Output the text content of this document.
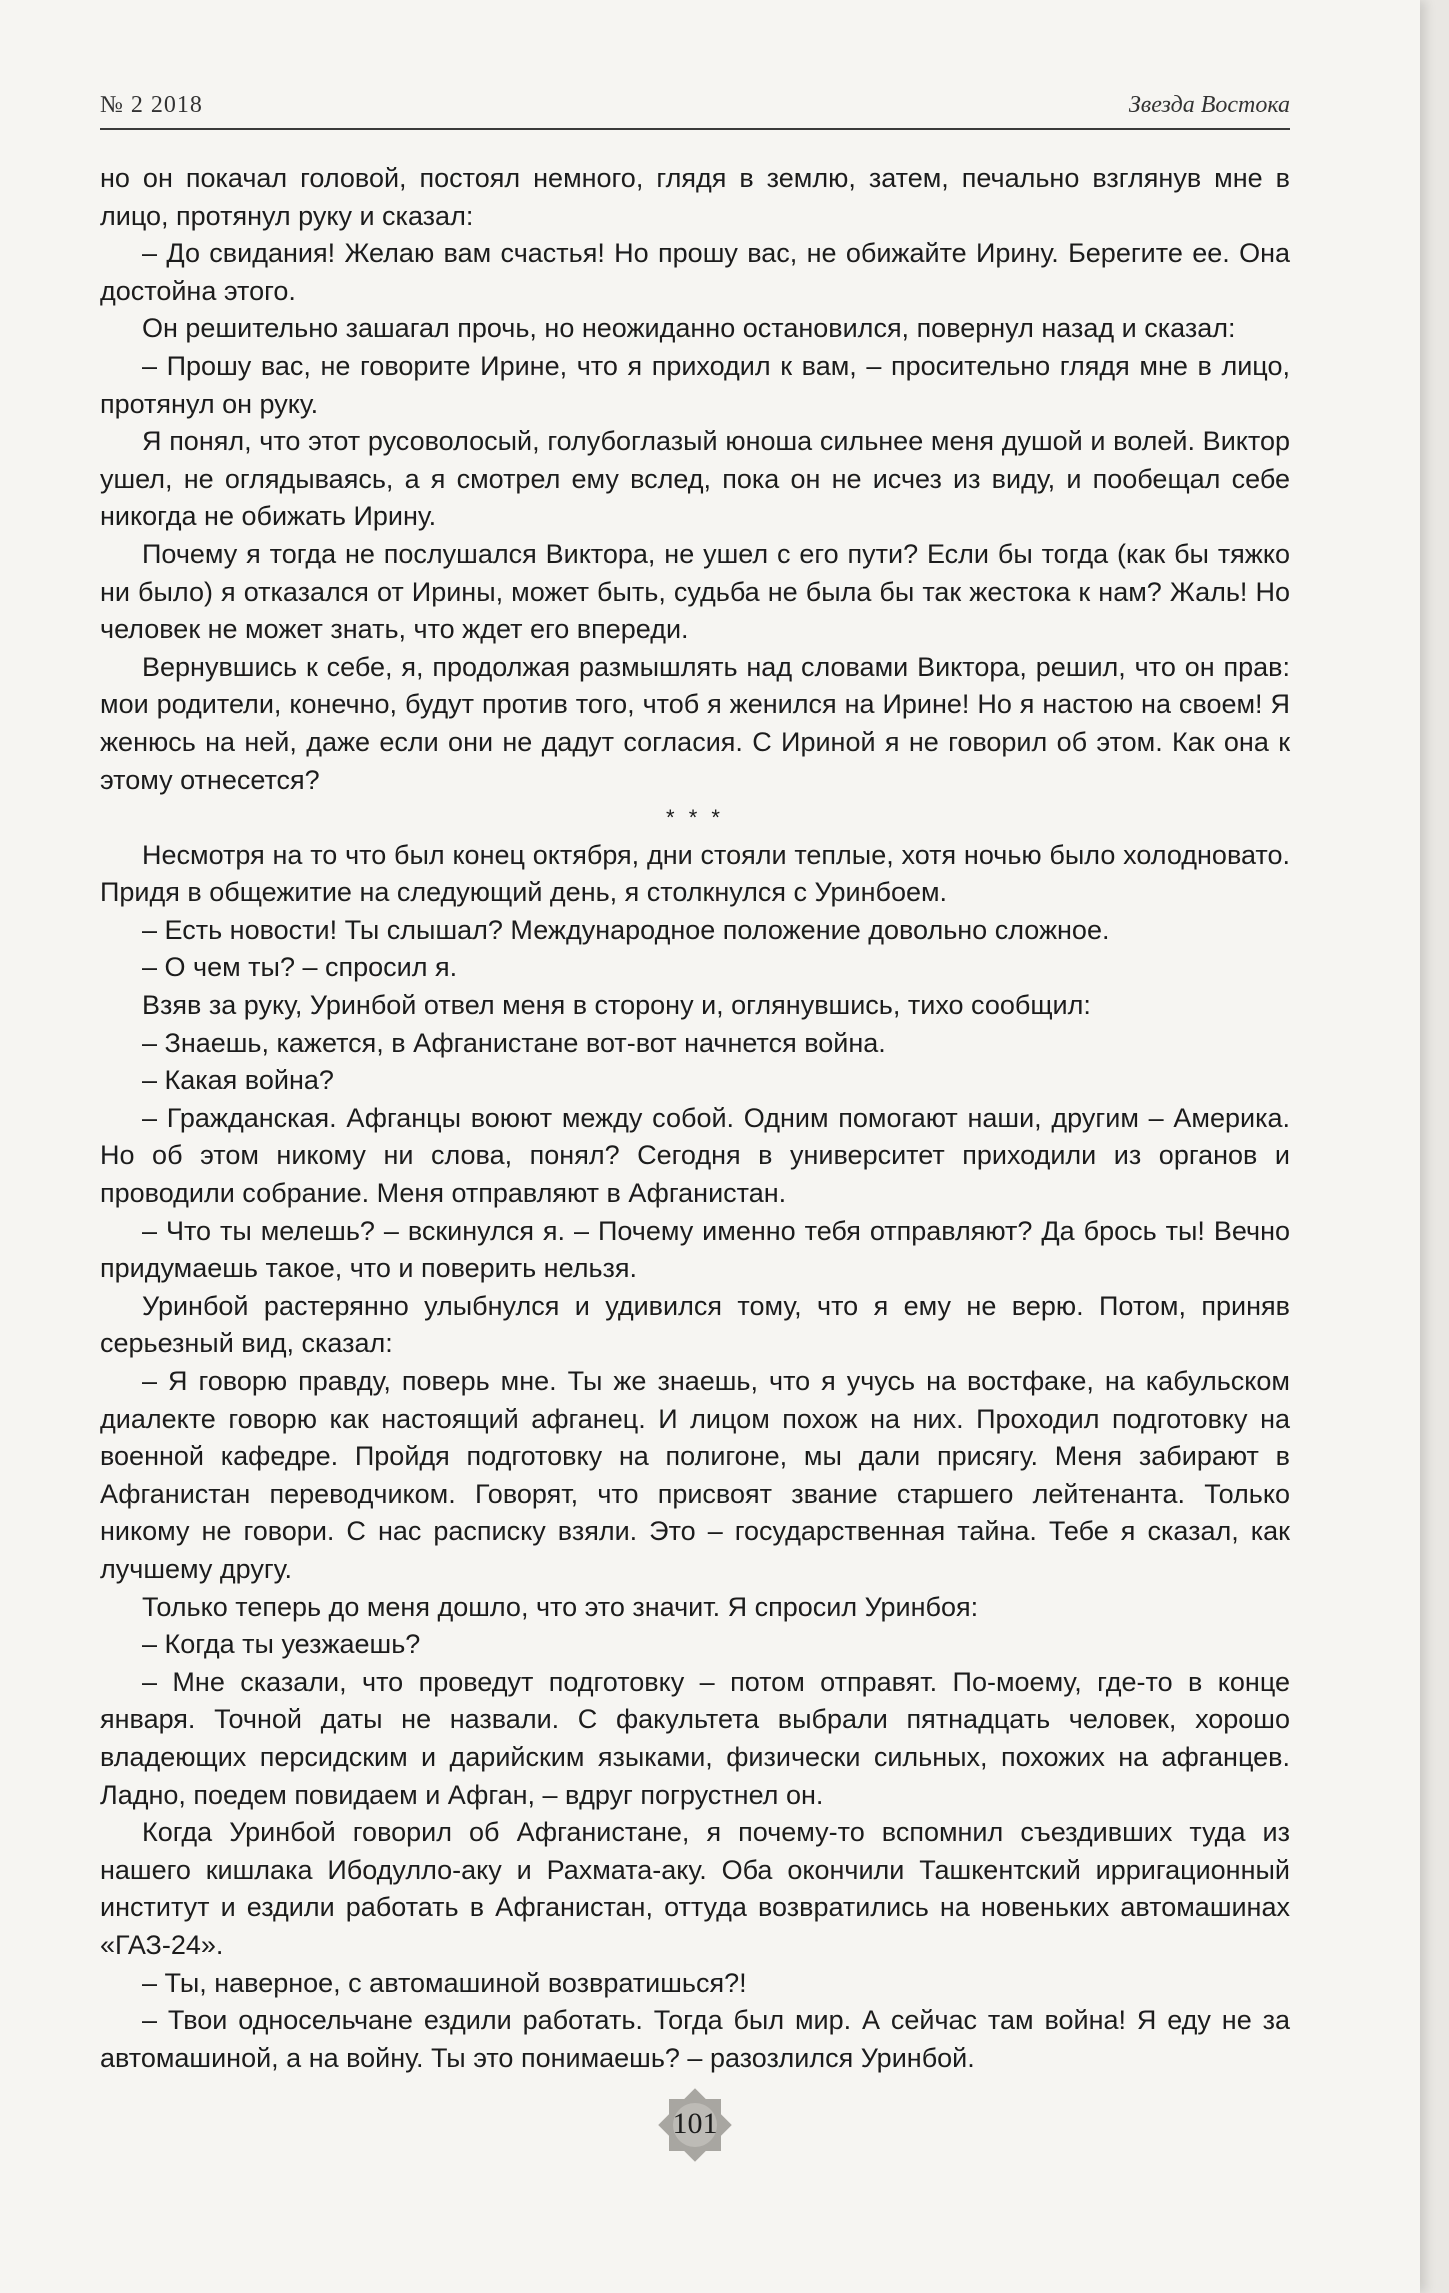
№ 2 2018	Звезда Востока

но он покачал головой, постоял немного, глядя в землю, затем, печально взглянув мне в лицо, протянул руку и сказал:

– До свидания! Желаю вам счастья! Но прошу вас, не обижайте Ирину. Берегите ее. Она достойна этого.

Он решительно зашагал прочь, но неожиданно остановился, повернул назад и сказал:

– Прошу вас, не говорите Ирине, что я приходил к вам, – просительно глядя мне в лицо, протянул он руку.

Я понял, что этот русоволосый, голубоглазый юноша сильнее меня душой и волей. Виктор ушел, не оглядываясь, а я смотрел ему вслед, пока он не исчез из виду, и пообещал себе никогда не обижать Ирину.

Почему я тогда не послушался Виктора, не ушел с его пути? Если бы тогда (как бы тяжко ни было) я отказался от Ирины, может быть, судьба не была бы так жестока к нам? Жаль! Но человек не может знать, что ждет его впереди.

Вернувшись к себе, я, продолжая размышлять над словами Виктора, решил, что он прав: мои родители, конечно, будут против того, чтоб я женился на Ирине! Но я настою на своем! Я женюсь на ней, даже если они не дадут согласия. С Ириной я не говорил об этом. Как она к этому отнесется?

* * *

Несмотря на то что был конец октября, дни стояли теплые, хотя ночью было холодновато. Придя в общежитие на следующий день, я столкнулся с Уринбоем.

– Есть новости! Ты слышал? Международное положение довольно сложное.

– О чем ты? – спросил я.

Взяв за руку, Уринбой отвел меня в сторону и, оглянувшись, тихо сообщил:

– Знаешь, кажется, в Афганистане вот-вот начнется война.

– Какая война?

– Гражданская. Афганцы воюют между собой. Одним помогают наши, другим – Америка. Но об этом никому ни слова, понял? Сегодня в университет приходили из органов и проводили собрание. Меня отправляют в Афганистан.

– Что ты мелешь? – вскинулся я. – Почему именно тебя отправляют? Да брось ты! Вечно придумаешь такое, что и поверить нельзя.

Уринбой растерянно улыбнулся и удивился тому, что я ему не верю. Потом, приняв серьезный вид, сказал:

– Я говорю правду, поверь мне. Ты же знаешь, что я учусь на востфаке, на кабульском диалекте говорю как настоящий афганец. И лицом похож на них. Проходил подготовку на военной кафедре. Пройдя подготовку на полигоне, мы дали присягу. Меня забирают в Афганистан переводчиком. Говорят, что присвоят звание старшего лейтенанта. Только никому не говори. С нас расписку взяли. Это – государственная тайна. Тебе я сказал, как лучшему другу.

Только теперь до меня дошло, что это значит. Я спросил Уринбоя:

– Когда ты уезжаешь?

– Мне сказали, что проведут подготовку – потом отправят. По-моему, где-то в конце января. Точной даты не назвали. С факультета выбрали пятнадцать человек, хорошо владеющих персидским и дарийским языками, физически сильных, похожих на афганцев. Ладно, поедем повидаем и Афган, – вдруг погрустнел он.

Когда Уринбой говорил об Афганистане, я почему-то вспомнил съездивших туда из нашего кишлака Ибодулло-аку и Рахмата-аку. Оба окончили Ташкентский ирригационный институт и ездили работать в Афганистан, оттуда возвратились на новеньких автомашинах «ГАЗ-24».

– Ты, наверное, с автомашиной возвратишься?!

– Твои односельчане ездили работать. Тогда был мир. А сейчас там война! Я еду не за автомашиной, а на войну. Ты это понимаешь? – разозлился Уринбой.

101
